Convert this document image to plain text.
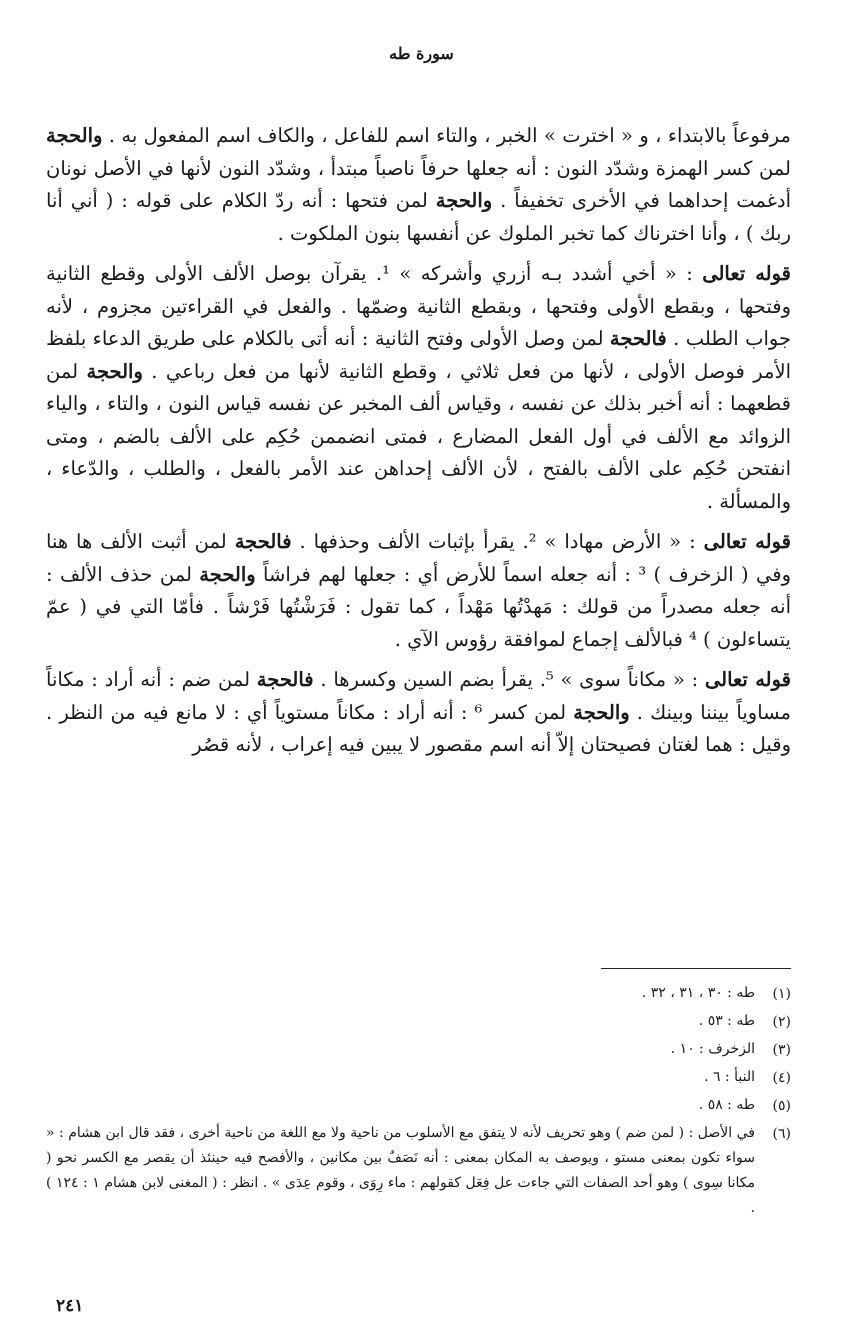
سورة طه

مرفوعاً بالابتداء ، و « اخترت » الخبر ، والتاء اسم للفاعل ، والكاف اسم المفعول به . والحجة لمن كسر الهمزة وشدّد النون : أنه جعلها حرفاً ناصباً مبتدأ ، وشدّد النون لأنها في الأصل نونان أدغمت إحداهما في الأخرى تخفيفاً . والحجة لمن فتحها : أنه ردّ الكلام على قوله : ( أني أنا ربك ) ، وأنا اخترناك كما تخبر الملوك عن أنفسها بنون الملكوت .

قوله تعالى : « أخي أشدد بـه أزري وأشركه » ¹. يقرآن بوصل الألف الأولى وقطع الثانية وفتحها ، وبقطع الأولى وفتحها ، وبقطع الثانية وضمّها . والفعل في القراءتين مجزوم ، لأنه جواب الطلب . فالحجة لمن وصل الأولى وفتح الثانية : أنه أتى بالكلام على طريق الدعاء بلفظ الأمر فوصل الأولى ، لأنها من فعل ثلاثي ، وقطع الثانية لأنها من فعل رباعي . والحجة لمن قطعهما : أنه أخبر بذلك عن نفسه ، وقياس ألف المخبر عن نفسه قياس النون ، والتاء ، والياء الزوائد مع الألف في أول الفعل المضارع ، فمتى انضممن حُكِم على الألف بالضم ، ومتى انفتحن حُكِم على الألف بالفتح ، لأن الألف إحداهن عند الأمر بالفعل ، والطلب ، والدّعاء ، والمسألة .

قوله تعالى : « الأرض مهادا » ². يقرأ بإثبات الألف وحذفها . فالحجة لمن أثبت الألف ها هنا وفي ( الزخرف ) ³ : أنه جعله اسماً للأرض أي : جعلها لهم فراشاً والحجة لمن حذف الألف : أنه جعله مصدراً من قولك : مَهدْتُها مَهْداً ، كما تقول : فَرَشْتُها فَرْشاً . فأمّا التي في ( عمّ يتساءلون ) ⁴ فبالألف إجماع لموافقة رؤوس الآي .

قوله تعالى : « مكاناً سوى » ⁵. يقرأ بضم السين وكسرها . فالحجة لمن ضم : أنه أراد : مكاناً مساوياً بيننا وبينك . والحجة لمن كسر ⁶ : أنه أراد : مكاناً مستوياً أي : لا مانع فيه من النظر . وقيل : هما لغتان فصيحتان إلاّ أنه اسم مقصور لا يبين فيه إعراب ، لأنه قصُر

(١)
طه : ٣٠ ، ٣١ ، ٣٢ .
(٢)
طه : ٥٣ .
(٣)
الزخرف : ١٠ .
(٤)
النبأ : ٦ .
(٥)
طه : ٥٨ .
(٦)
في الأصل : ( لمن ضم ) وهو تحريف لأنه لا يتفق مع الأسلوب من ناحية ولا مع اللغة من ناحية أخرى ، فقد قال ابن هشام : « سواء تكون بمعنى مستو ، ويوصف به المكان بمعنى : أنه نَصَفٌ بين مكانين ، والأفصح فيه حينئذ أن يقصر مع الكسر نحو ( مكانا سِوى ) وهو أحد الصفات التي جاءت عل فِعَل كقولهم : ماء رِوَى ، وقوم عِدَى » . انظر : ( المغنى لابن هشام ١ : ١٢٤ ) .
٢٤١
